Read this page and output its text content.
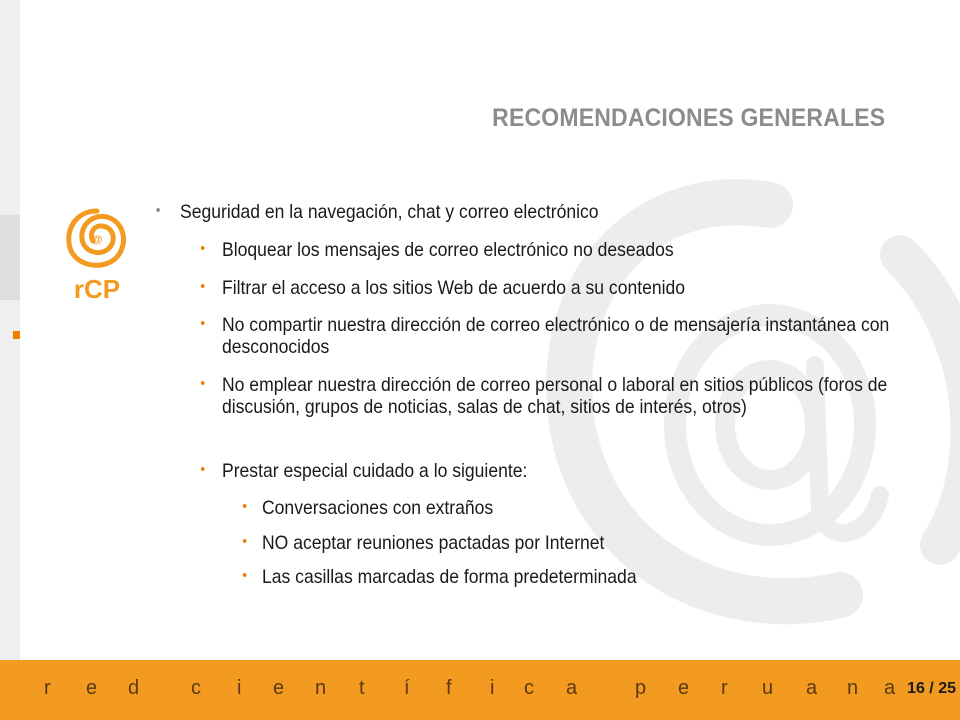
@
rCP
RECOMENDACIONES GENERALES
• Seguridad en la navegación, chat y correo electrónico
• Bloquear los mensajes de correo electrónico no deseados
• Filtrar el acceso a los sitios Web de acuerdo a su contenido
• No compartir nuestra dirección de correo electrónico o de mensajería instantánea con desconocidos
• No emplear nuestra dirección de correo personal o laboral en sitios públicos (foros de discusión, grupos de noticias, salas de chat, sitios de interés, otros)
• Prestar especial cuidado a lo siguiente:
• Conversaciones con extraños
• NO aceptar reuniones pactadas por Internet
• Las casillas marcadas de forma predeterminada
r e d	c i e n t í f i c a	p e r u a n a 16 / 25
